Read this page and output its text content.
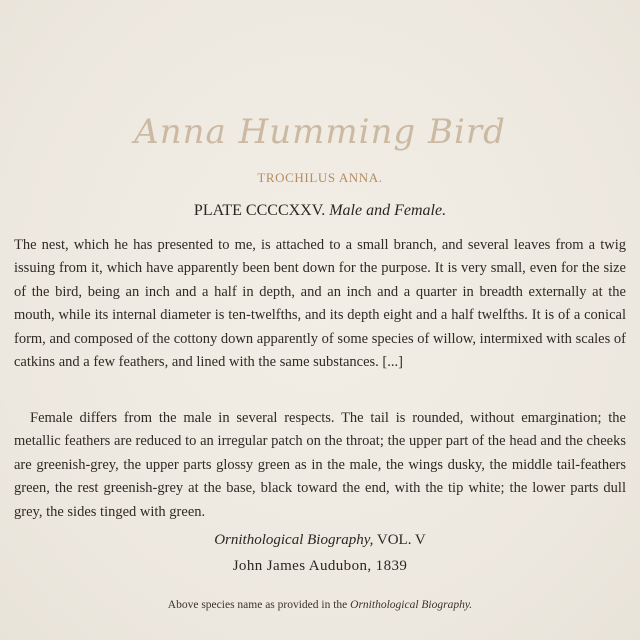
Anna Humming Bird
TROCHILUS ANNA.
PLATE CCCCXXV. Male and Female.

The nest, which he has presented to me, is attached to a small branch, and several leaves from a twig issuing from it, which have apparently been bent down for the purpose. It is very small, even for the size of the bird, being an inch and a half in depth, and an inch and a quarter in breadth externally at the mouth, while its internal diameter is ten-twelfths, and its depth eight and a half twelfths. It is of a conical form, and composed of the cottony down apparently of some species of willow, intermixed with scales of catkins and a few feathers, and lined with the same substances. [...]

Female differs from the male in several respects. The tail is rounded, without emargination; the metallic feathers are reduced to an irregular patch on the throat; the upper part of the head and the cheeks are greenish-grey, the upper parts glossy green as in the male, the wings dusky, the middle tail-feathers green, the rest greenish-grey at the base, black toward the end, with the tip white; the lower parts dull grey, the sides tinged with green.

Ornithological Biography, VOL. V
John James Audubon, 1839
Above species name as provided in the Ornithological Biography.
